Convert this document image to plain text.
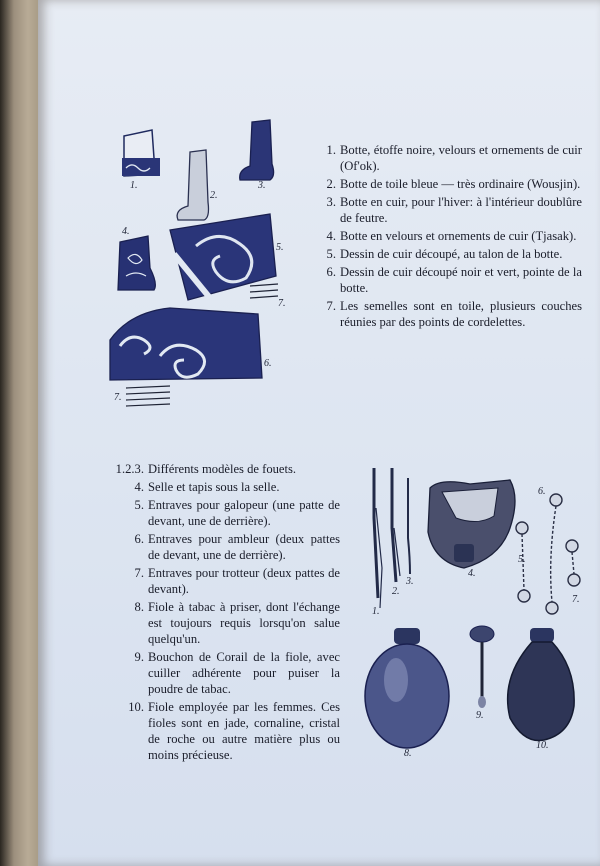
1.
2.
3.
4.
5.
6.
7.
7.
1. Botte, étoffe noire, velours et ornements de cuir (Of'ok).
2. Botte de toile bleue — très ordinaire (Wousjin).
3. Botte en cuir, pour l'hiver: à l'intérieur doublûre de feutre.
4. Botte en velours et ornements de cuir (Tjasak).
5. Dessin de cuir découpé, au talon de la botte.
6. Dessin de cuir découpé noir et vert, pointe de la botte.
7. Les semelles sont en toile, plusieurs couches réunies par des points de cordelettes.
1.2.3. Différents modèles de fouets.
4. Selle et tapis sous la selle.
5. Entraves pour galopeur (une patte de devant, une de derrière).
6. Entraves pour ambleur (deux pattes de devant, une de derrière).
7. Entraves pour trotteur (deux pattes de devant).
8. Fiole à tabac à priser, dont l'échange est toujours requis lorsqu'on salue quelqu'un.
9. Bouchon de Corail de la fiole, avec cuiller adhérente pour puiser la poudre de tabac.
10. Fiole employée par les femmes. Ces fioles sont en jade, cornaline, cristal de roche ou autre matière plus ou moins précieuse.
1.
2.
3.
4.
5.
6.
7.
8.
9.
10.
